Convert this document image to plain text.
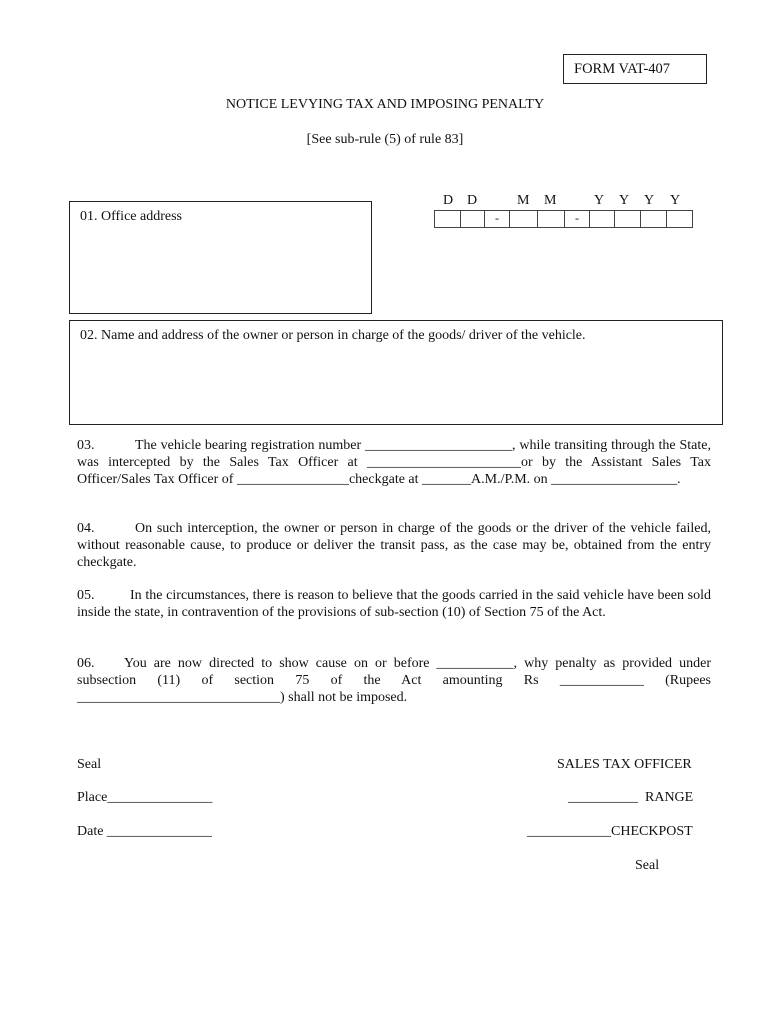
FORM VAT-407
NOTICE LEVYING TAX AND IMPOSING PENALTY
[See sub-rule (5) of rule 83]
D D	M M	Y Y Y Y
-	-
01. Office address
02. Name and address of the owner or person in charge of the goods/ driver of the vehicle.
03.	The vehicle bearing registration number _____________________, while transiting through the State, was intercepted by the Sales Tax Officer at ______________________or by the Assistant Sales Tax Officer/Sales Tax Officer of ________________checkgate at _______A.M./P.M. on __________________.
04.	On such interception, the owner or person in charge of the goods or the driver of the vehicle failed, without reasonable cause, to produce or deliver the transit pass, as the case may be, obtained from the entry checkgate.
05.	In the circumstances, there is reason to believe that the goods carried in the said vehicle have been sold inside the state, in contravention of the provisions of sub-section (10) of Section 75 of the Act.
06. You are now directed to show cause on or before ___________, why penalty as provided under subsection (11) of section 75 of the Act amounting Rs ____________ (Rupees _____________________________) shall not be imposed.
Seal
Place_______________
Date _______________
SALES TAX OFFICER
__________  RANGE
____________CHECKPOST
Seal
